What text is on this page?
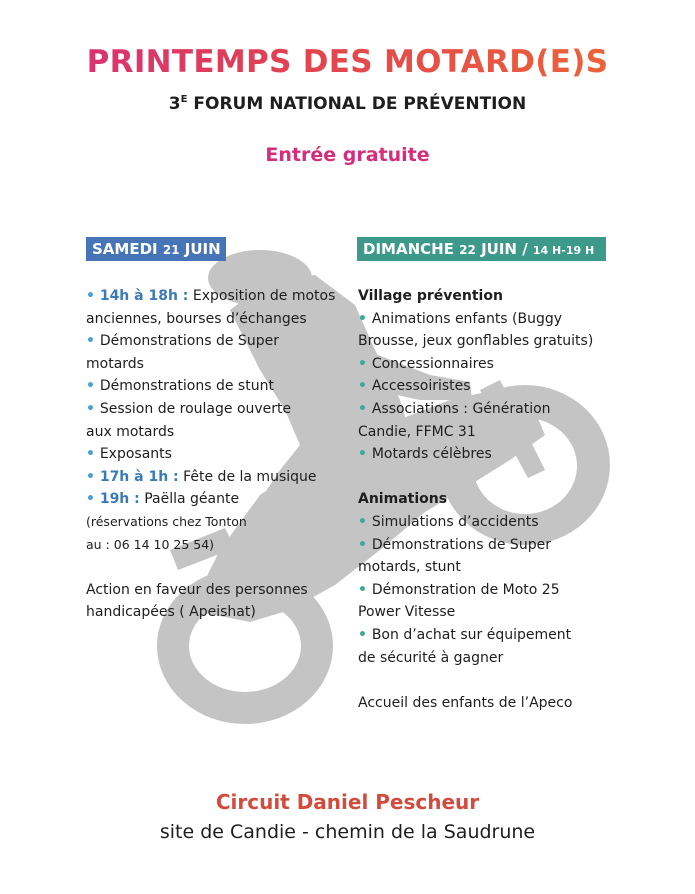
PRINTEMPS DES MOTARD(E)S
$3^E$ FORUM NATIONAL DE PRÉVENTION
Entrée gratuite
SAMEDI 21 JUIN	DIMANCHE 22 JUIN / 14 H-19 H
• 14h à 18h : Exposition de motos
anciennes, bourses d’échanges
• Démonstrations de Super
motards
• Démonstrations de stunt
• Session de roulage ouverte
aux motards
• Exposants
• 17h à 1h : Fête de la musique
• 19h : Paëlla géante
(réservations chez Tonton
au : 06 14 10 25 54)
Action en faveur des personnes
handicapées ( Apeishat)
Village prévention
• Animations enfants (Buggy
Brousse, jeux gonflables gratuits)
• Concessionnaires
• Accessoiristes
• Associations : Génération
Candie, FFMC 31
• Motards célèbres
Animations
• Simulations d’accidents
• Démonstrations de Super
motards, stunt
• Démonstration de Moto 25
Power Vitesse
• Bon d’achat sur équipement
de sécurité à gagner
Accueil des enfants de l’Apeco
Circuit Daniel Pescheur
site de Candie - chemin de la Saudrune
